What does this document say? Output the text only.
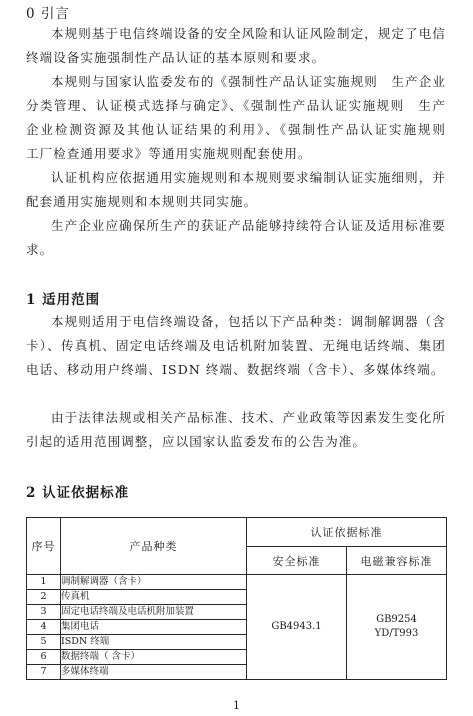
0 引言

本规则基于电信终端设备的安全风险和认证风险制定，规定了电信终端设备实施强制性产品认证的基本原则和要求。

本规则与国家认监委发布的《强制性产品认证实施规则　生产企业分类管理、认证模式选择与确定》、《强制性产品认证实施规则　生产企业检测资源及其他认证结果的利用》、《强制性产品认证实施规则　工厂检查通用要求》等通用实施规则配套使用。

认证机构应依据通用实施规则和本规则要求编制认证实施细则，并配套通用实施规则和本规则共同实施。

生产企业应确保所生产的获证产品能够持续符合认证及适用标准要求。

1 适用范围

本规则适用于电信终端设备，包括以下产品种类：调制解调器（含卡）、传真机、固定电话终端及电话机附加装置、无绳电话终端、集团电话、移动用户终端、ISDN 终端、数据终端（含卡）、多媒体终端。

由于法律法规或相关产品标准、技术、产业政策等因素发生变化所引起的适用范围调整，应以国家认监委发布的公告为准。

2 认证依据标准
序号	产品种类	认证依据标准	
		安全标准	电磁兼容标准
1	调制解调器（含卡）	GB4943.1	GB9254
YD/T993

2	传真机		
3	固定电话终端及电话机附加装置		
4	集团电话		
5	ISDN 终端		
6	数据终端（ 含卡）		
7	多媒体终端		
1
